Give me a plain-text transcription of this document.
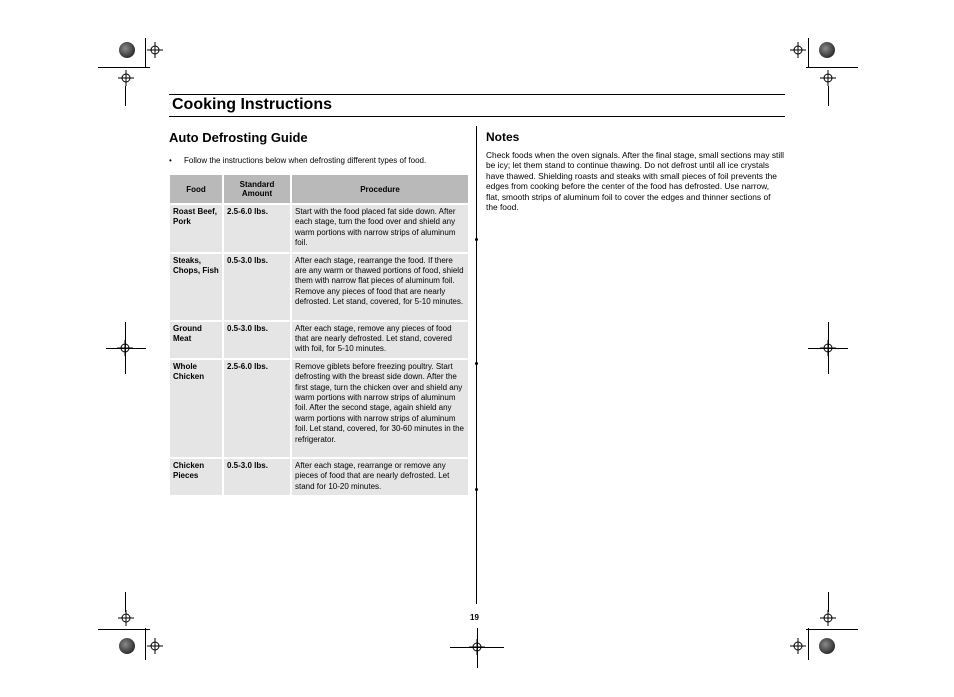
Cooking Instructions
Auto Defrosting Guide
• Follow the instructions below when defrosting different types of food.
Food	Standard Amount	Procedure
Roast Beef, Pork	2.5-6.0 lbs.	Start with the food placed fat side down. After each stage, turn the food over and shield any warm portions with narrow strips of aluminum foil.
Steaks, Chops, Fish	0.5-3.0 lbs.	After each stage, rearrange the food. If there are any warm or thawed portions of food, shield them with narrow flat pieces of aluminum foil. Remove any pieces of food that are nearly defrosted. Let stand, covered, for 5-10 minutes.
Ground Meat	0.5-3.0 lbs.	After each stage, remove any pieces of food that are nearly defrosted. Let stand, covered with foil, for 5-10 minutes.
Whole Chicken	2.5-6.0 lbs.	Remove giblets before freezing poultry. Start defrosting with the breast side down. After the first stage, turn the chicken over and shield any warm portions with narrow strips of aluminum foil. After the second stage, again shield any warm portions with narrow strips of aluminum foil. Let stand, covered, for 30-60 minutes in the refrigerator.
Chicken Pieces	0.5-3.0 lbs.	After each stage, rearrange or remove any pieces of food that are nearly defrosted. Let stand for 10-20 minutes.
Notes
Check foods when the oven signals. After the final stage, small sections may still be icy; let them stand to continue thawing. Do not defrost until all ice crystals have thawed. Shielding roasts and steaks with small pieces of foil prevents the edges from cooking before the center of the food has defrosted. Use narrow, flat, smooth strips of aluminum foil to cover the edges and thinner sections of the food.
19
